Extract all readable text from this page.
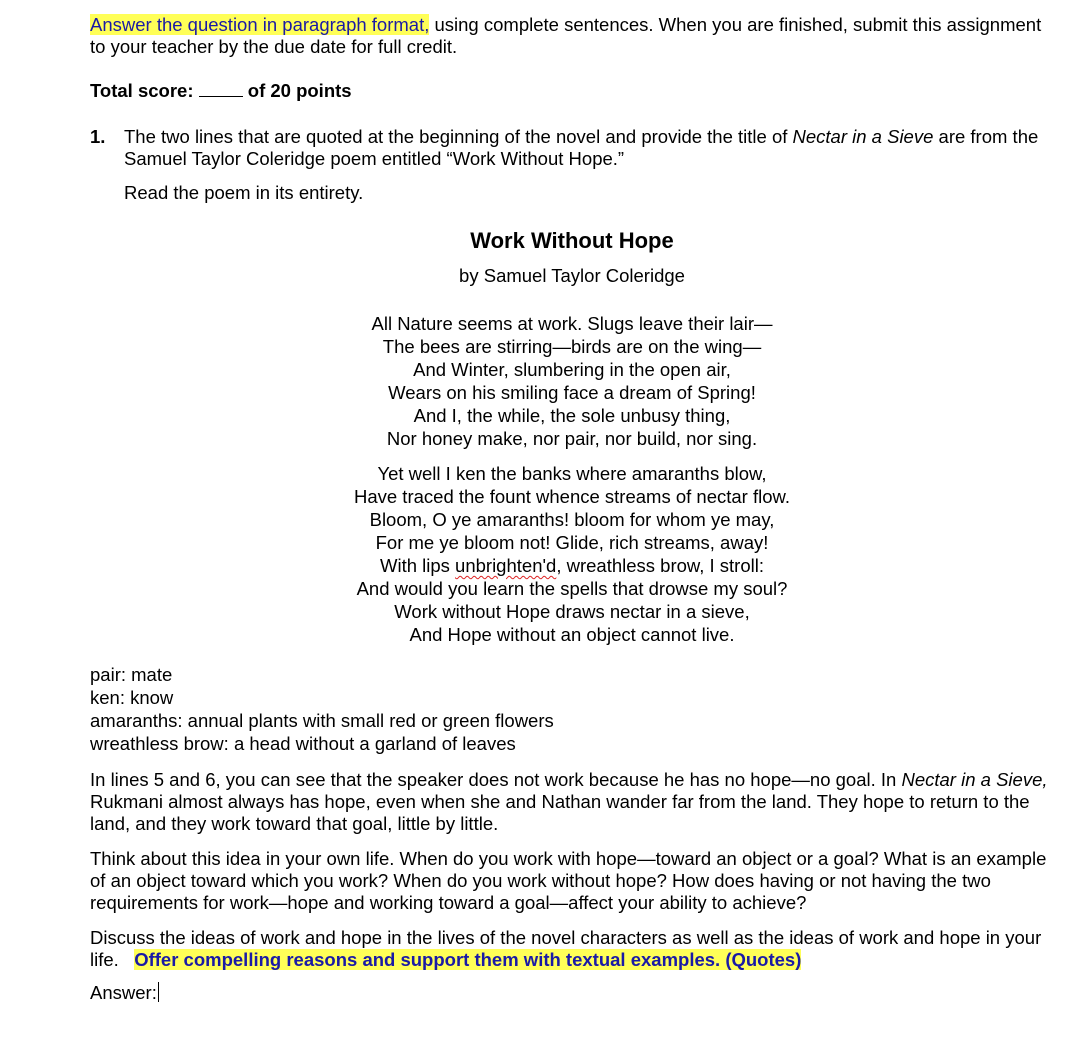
Answer the question in paragraph format, using complete sentences. When you are finished, submit this assignment to your teacher by the due date for full credit.

Total score:	of 20 points

1.	The two lines that are quoted at the beginning of the novel and provide the title of Nectar in a Sieve are from the Samuel Taylor Coleridge poem entitled “Work Without Hope.”

Read the poem in its entirety.

Work Without Hope
by Samuel Taylor Coleridge
All Nature seems at work. Slugs leave their lair—
The bees are stirring—birds are on the wing—
And Winter, slumbering in the open air,
Wears on his smiling face a dream of Spring!
And I, the while, the sole unbusy thing,
Nor honey make, nor pair, nor build, nor sing.
Yet well I ken the banks where amaranths blow,
Have traced the fount whence streams of nectar flow.
Bloom, O ye amaranths! bloom for whom ye may,
For me ye bloom not! Glide, rich streams, away!
With lips unbrighten'd, wreathless brow, I stroll:
And would you learn the spells that drowse my soul?
Work without Hope draws nectar in a sieve,
And Hope without an object cannot live.
pair: mate
ken: know
amaranths: annual plants with small red or green flowers
wreathless brow: a head without a garland of leaves

In lines 5 and 6, you can see that the speaker does not work because he has no hope—no goal. In Nectar in a Sieve, Rukmani almost always has hope, even when she and Nathan wander far from the land. They hope to return to the land, and they work toward that goal, little by little.

Think about this idea in your own life. When do you work with hope—toward an object or a goal? What is an example of an object toward which you work? When do you work without hope? How does having or not having the two requirements for work—hope and working toward a goal—affect your ability to achieve?

Discuss the ideas of work and hope in the lives of the novel characters as well as the ideas of work and hope in your life. Offer compelling reasons and support them with textual examples. (Quotes)

Answer:
